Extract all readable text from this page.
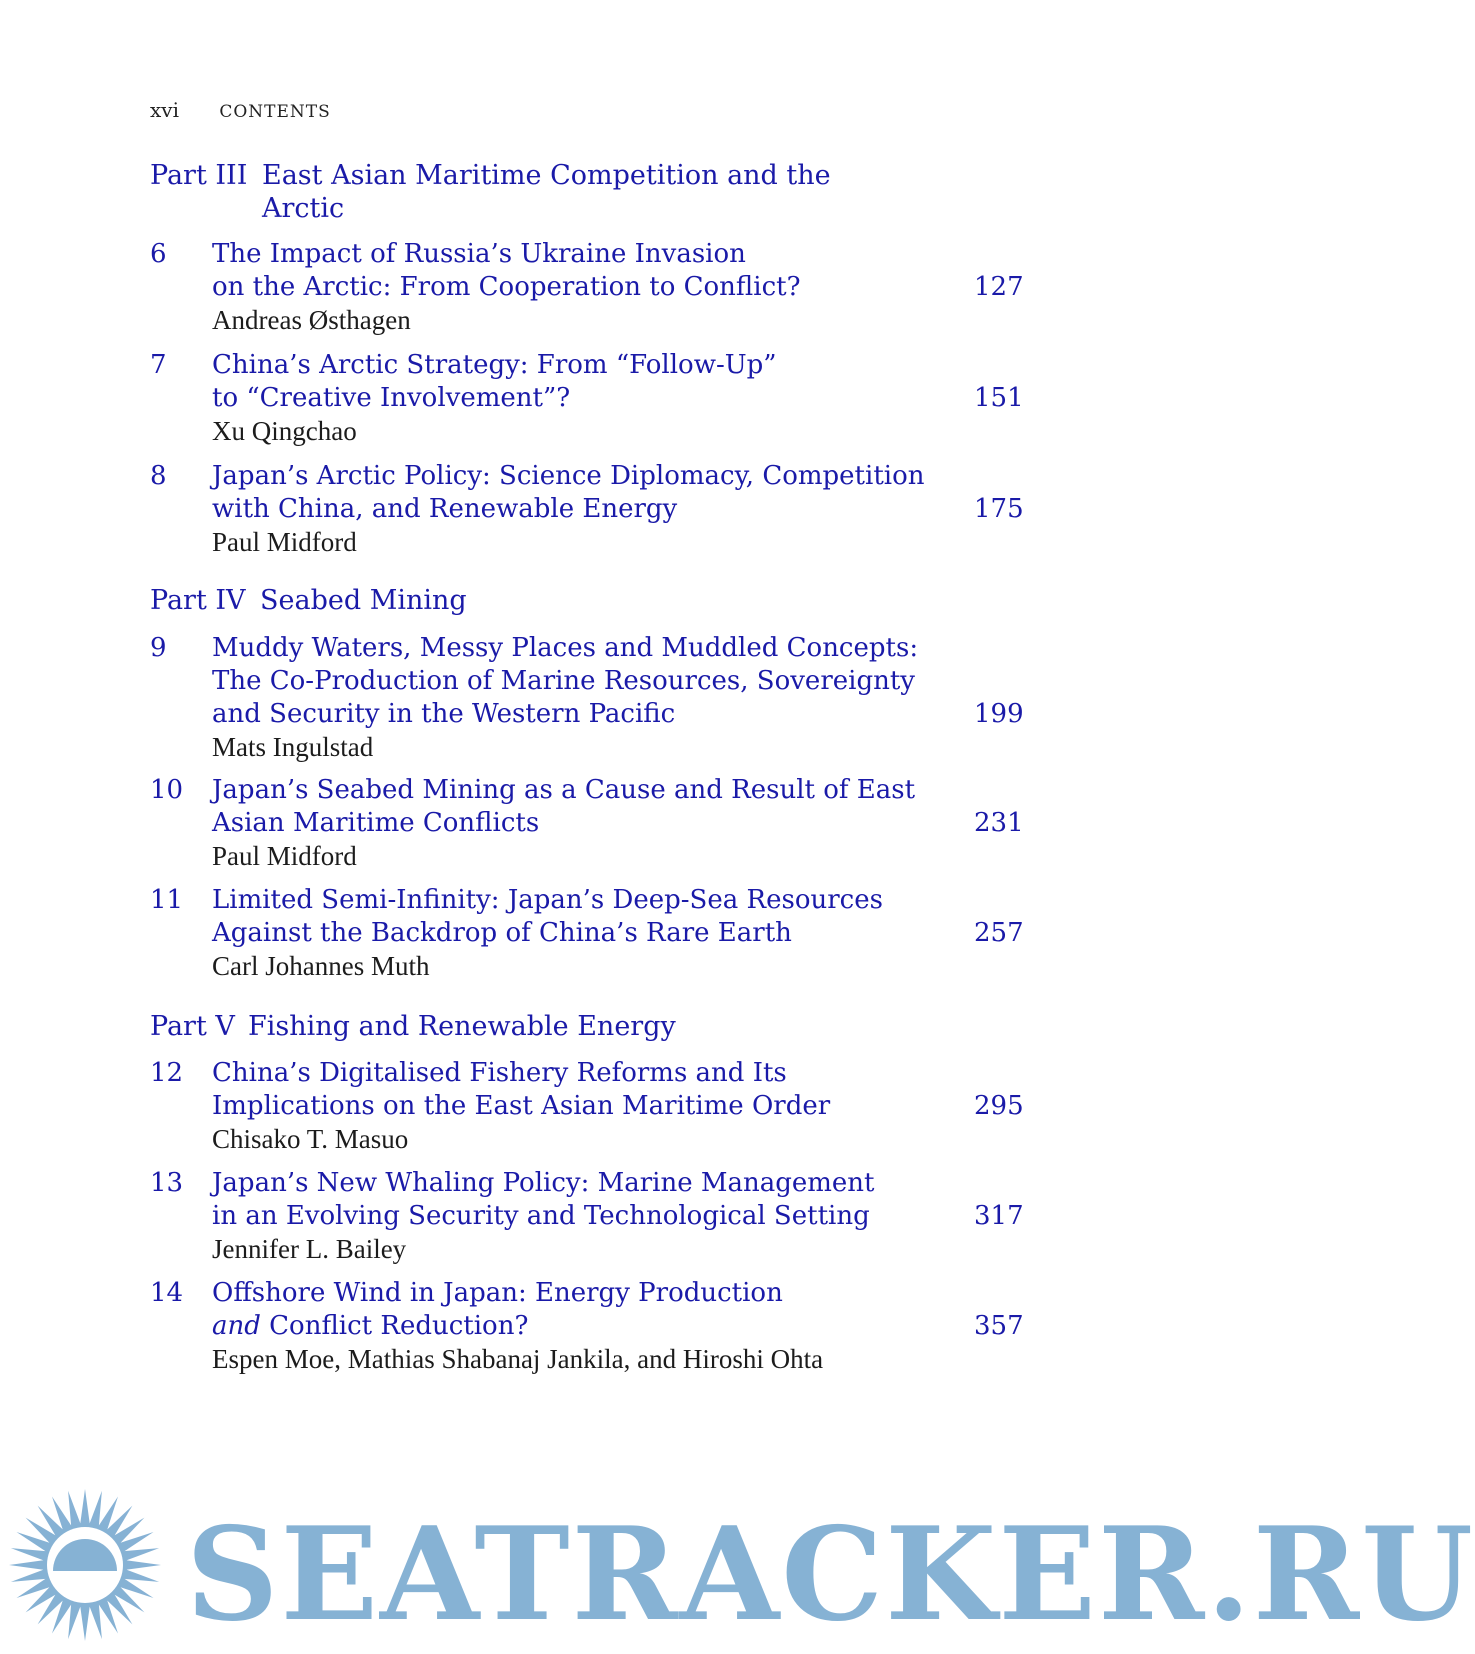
xvi CONTENTS
Part III East Asian Maritime Competition and the
Arctic
6 The Impact of Russia’s Ukraine Invasion
on the Arctic: From Cooperation to Conflict?	127
Andreas Østhagen
7 China’s Arctic Strategy: From “Follow-Up”
to “Creative Involvement”?	151
Xu Qingchao
8 Japan’s Arctic Policy: Science Diplomacy, Competition
with China, and Renewable Energy	175
Paul Midford
Part IV Seabed Mining
9 Muddy Waters, Messy Places and Muddled Concepts:
The Co-Production of Marine Resources, Sovereignty
and Security in the Western Pacific	199
Mats Ingulstad
10 Japan’s Seabed Mining as a Cause and Result of East
Asian Maritime Conflicts	231
Paul Midford
11 Limited Semi-Infinity: Japan’s Deep-Sea Resources
Against the Backdrop of China’s Rare Earth	257
Carl Johannes Muth
Part V Fishing and Renewable Energy
12 China’s Digitalised Fishery Reforms and Its
Implications on the East Asian Maritime Order	295
Chisako T. Masuo
13 Japan’s New Whaling Policy: Marine Management
in an Evolving Security and Technological Setting	317
Jennifer L. Bailey
14 Offshore Wind in Japan: Energy Production
and Conflict Reduction?	357
Espen Moe, Mathias Shabanaj Jankila, and Hiroshi Ohta
SEATRACKER.RU
